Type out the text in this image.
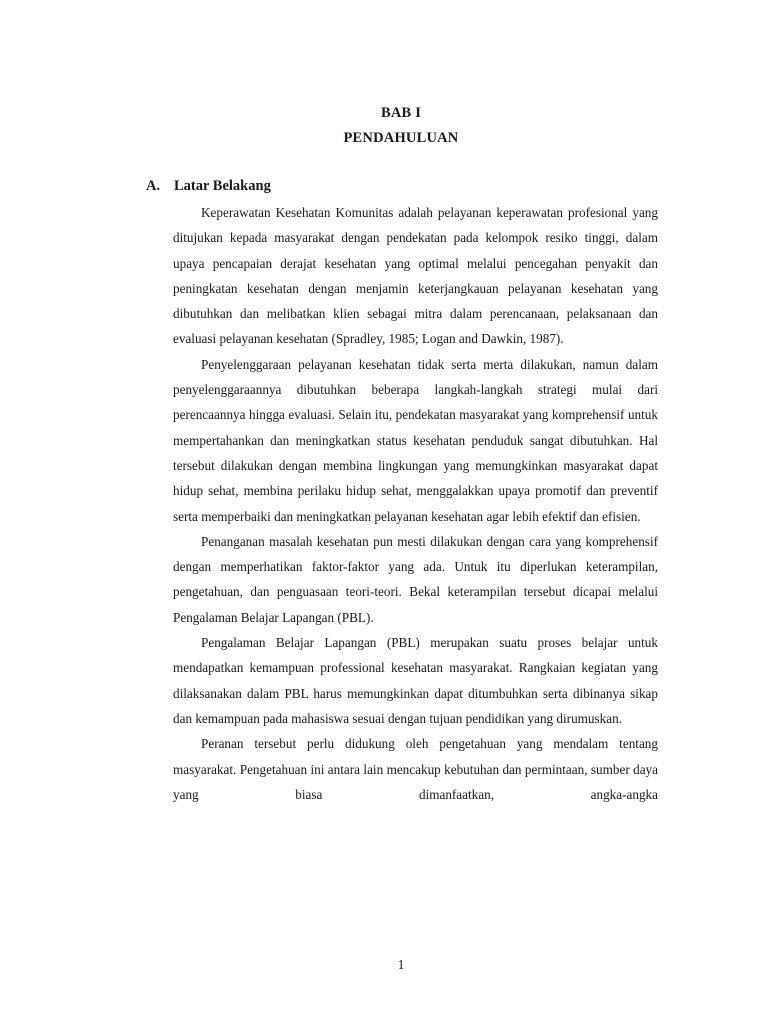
BAB I
PENDAHULUAN
A. Latar Belakang

Keperawatan Kesehatan Komunitas adalah pelayanan keperawatan profesional yang ditujukan kepada masyarakat dengan pendekatan pada kelompok resiko tinggi, dalam upaya pencapaian derajat kesehatan yang optimal melalui pencegahan penyakit dan peningkatan kesehatan dengan menjamin keterjangkauan pelayanan kesehatan yang dibutuhkan dan melibatkan klien sebagai mitra dalam perencanaan, pelaksanaan dan evaluasi pelayanan kesehatan (Spradley, 1985; Logan and Dawkin, 1987).

Penyelenggaraan pelayanan kesehatan tidak serta merta dilakukan, namun dalam penyelenggaraannya dibutuhkan beberapa langkah-langkah strategi mulai dari perencaannya hingga evaluasi. Selain itu, pendekatan masyarakat yang komprehensif untuk mempertahankan dan meningkatkan status kesehatan penduduk sangat dibutuhkan. Hal tersebut dilakukan dengan membina lingkungan yang memungkinkan masyarakat dapat hidup sehat, membina perilaku hidup sehat, menggalakkan upaya promotif dan preventif serta memperbaiki dan meningkatkan pelayanan kesehatan agar lebih efektif dan efisien.

Penanganan masalah kesehatan pun mesti dilakukan dengan cara yang komprehensif dengan memperhatikan faktor-faktor yang ada. Untuk itu diperlukan keterampilan, pengetahuan, dan penguasaan teori-teori. Bekal keterampilan tersebut dicapai melalui Pengalaman Belajar Lapangan (PBL).

Pengalaman Belajar Lapangan (PBL) merupakan suatu proses belajar untuk mendapatkan kemampuan professional kesehatan masyarakat. Rangkaian kegiatan yang dilaksanakan dalam PBL harus memungkinkan dapat ditumbuhkan serta dibinanya sikap dan kemampuan pada mahasiswa sesuai dengan tujuan pendidikan yang dirumuskan.

Peranan tersebut perlu didukung oleh pengetahuan yang mendalam tentang masyarakat. Pengetahuan ini antara lain mencakup kebutuhan dan permintaan, sumber daya yang biasa dimanfaatkan, angka-angka

1
